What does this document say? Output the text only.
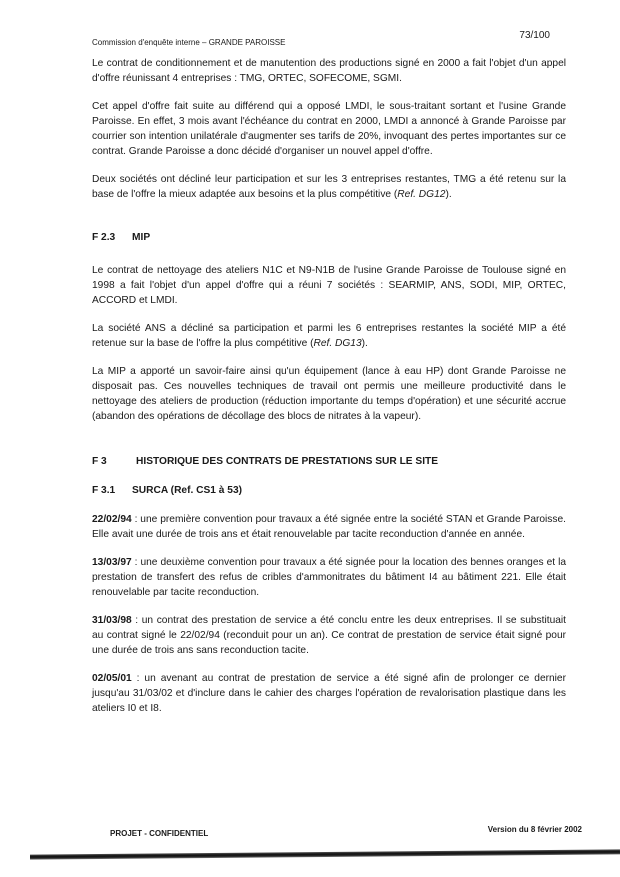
Commission d'enquête interne – GRANDE PAROISSE
73/100

Le contrat de conditionnement et de manutention des productions signé en 2000 a fait l'objet d'un appel d'offre réunissant 4 entreprises : TMG, ORTEC, SOFECOME, SGMI.

Cet appel d'offre fait suite au différend qui a opposé LMDI, le sous-traitant sortant et l'usine Grande Paroisse. En effet, 3 mois avant l'échéance du contrat en 2000, LMDI a annoncé à Grande Paroisse par courrier son intention unilatérale d'augmenter ses tarifs de 20%, invoquant des pertes importantes sur ce contrat. Grande Paroisse a donc décidé d'organiser un nouvel appel d'offre.

Deux sociétés ont décliné leur participation et sur les 3 entreprises restantes, TMG a été retenu sur la base de l'offre la mieux adaptée aux besoins et la plus compétitive (Ref. DG12).

F 2.3 MIP

Le contrat de nettoyage des ateliers N1C et N9-N1B de l'usine Grande Paroisse de Toulouse signé en 1998 a fait l'objet d'un appel d'offre qui a réuni 7 sociétés : SEARMIP, ANS, SODI, MIP, ORTEC, ACCORD et LMDI.

La société ANS a décliné sa participation et parmi les 6 entreprises restantes la société MIP a été retenue sur la base de l'offre la plus compétitive (Ref. DG13).

La MIP a apporté un savoir-faire ainsi qu'un équipement (lance à eau HP) dont Grande Paroisse ne disposait pas. Ces nouvelles techniques de travail ont permis une meilleure productivité dans le nettoyage des ateliers de production (réduction importante du temps d'opération) et une sécurité accrue (abandon des opérations de décollage des blocs de nitrates à la vapeur).

F 3	HISTORIQUE DES CONTRATS DE PRESTATIONS SUR LE SITE
F 3.1 SURCA (Ref. CS1 à 53)

22/02/94 : une première convention pour travaux a été signée entre la société STAN et Grande Paroisse. Elle avait une durée de trois ans et était renouvelable par tacite reconduction d'année en année.

13/03/97 : une deuxième convention pour travaux a été signée pour la location des bennes oranges et la prestation de transfert des refus de cribles d'ammonitrates du bâtiment I4 au bâtiment 221. Elle était renouvelable par tacite reconduction.

31/03/98 : un contrat des prestation de service a été conclu entre les deux entreprises. Il se substituait au contrat signé le 22/02/94 (reconduit pour un an). Ce contrat de prestation de service était signé pour une durée de trois ans sans reconduction tacite.

02/05/01 : un avenant au contrat de prestation de service a été signé afin de prolonger ce dernier jusqu'au 31/03/02 et d'inclure dans le cahier des charges l'opération de revalorisation plastique dans les ateliers I0 et I8.

PROJET - CONFIDENTIEL	Version du 8 février 2002
